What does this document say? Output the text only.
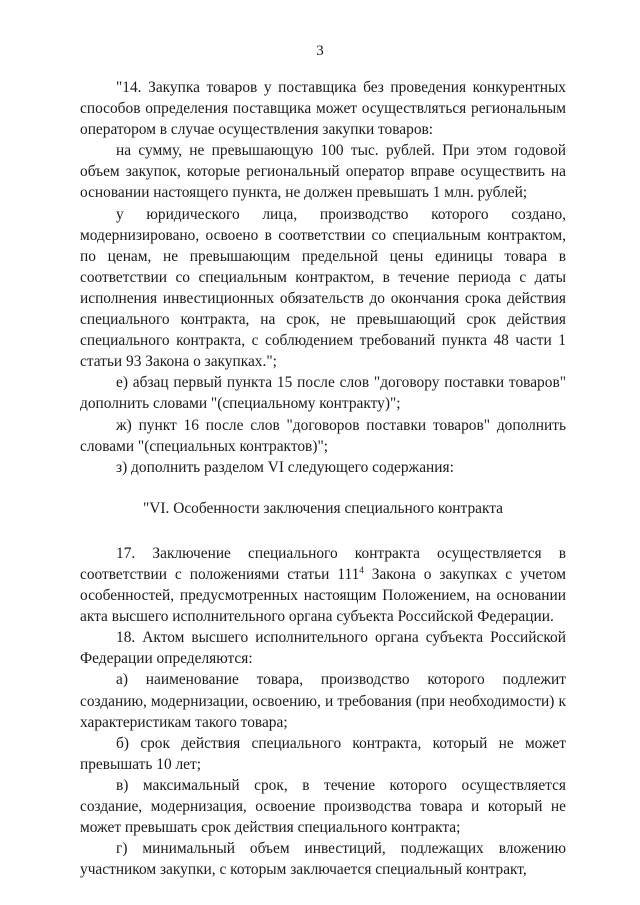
3

"14. Закупка товаров у поставщика без проведения конкурентных способов определения поставщика может осуществляться региональным оператором в случае осуществления закупки товаров:

на сумму, не превышающую 100 тыс. рублей. При этом годовой объем закупок, которые региональный оператор вправе осуществить на основании настоящего пункта, не должен превышать 1 млн. рублей;

у юридического лица, производство которого создано, модернизировано, освоено в соответствии со специальным контрактом, по ценам, не превышающим предельной цены единицы товара в соответствии со специальным контрактом, в течение периода с даты исполнения инвестиционных обязательств до окончания срока действия специального контракта, на срок, не превышающий срок действия специального контракта, с соблюдением требований пункта 48 части 1 статьи 93 Закона о закупках.";

е) абзац первый пункта 15 после слов "договору поставки товаров" дополнить словами "(специальному контракту)";

ж) пункт 16 после слов "договоров поставки товаров" дополнить словами "(специальных контрактов)";

з) дополнить разделом VI следующего содержания:

"VI. Особенности заключения специального контракта

17. Заключение специального контракта осуществляется в соответствии с положениями статьи $111^4$ Закона о закупках с учетом особенностей, предусмотренных настоящим Положением, на основании акта высшего исполнительного органа субъекта Российской Федерации.

18. Актом высшего исполнительного органа субъекта Российской Федерации определяются:

а) наименование товара, производство которого подлежит созданию, модернизации, освоению, и требования (при необходимости) к характеристикам такого товара;

б) срок действия специального контракта, который не может превышать 10 лет;

в) максимальный срок, в течение которого осуществляется создание, модернизация, освоение производства товара и который не может превышать срок действия специального контракта;

г) минимальный объем инвестиций, подлежащих вложению участником закупки, с которым заключается специальный контракт,
